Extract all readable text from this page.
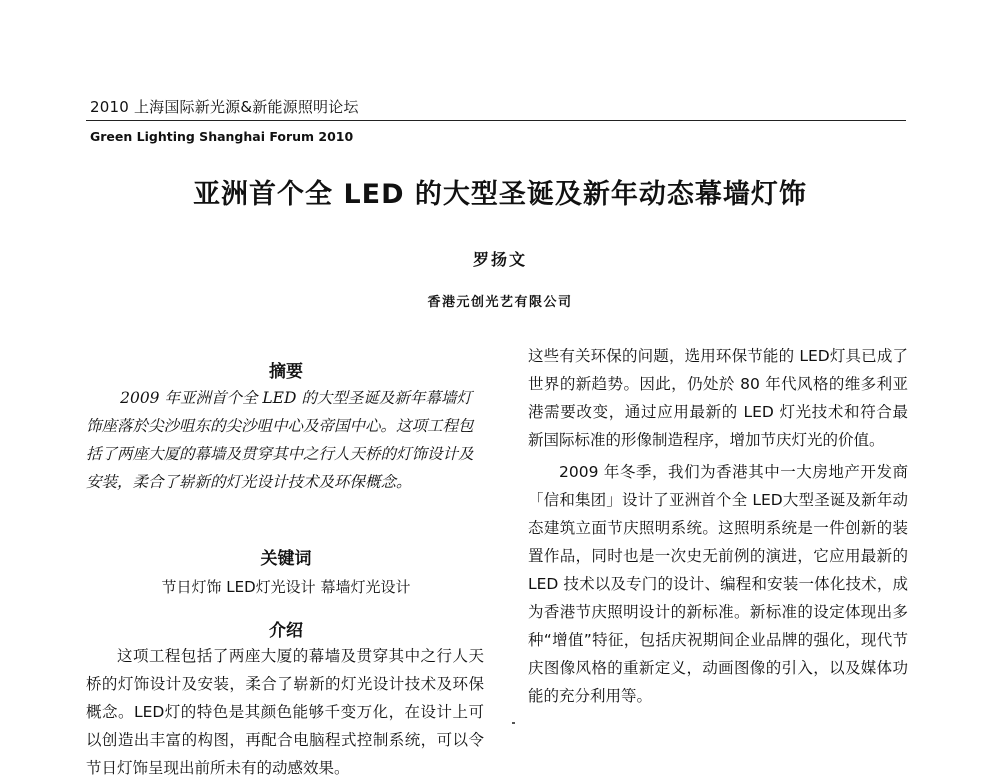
2010 上海国际新光源&新能源照明论坛
Green Lighting Shanghai Forum 2010
亚洲首个全 LED 的大型圣诞及新年动态幕墙灯饰
罗扬文
香港元创光艺有限公司
摘要

2009 年亚洲首个全 LED 的大型圣诞及新年幕墙灯饰座落於尖沙咀东的尖沙咀中心及帝国中心。这项工程包括了两座大厦的幕墙及贯穿其中之行人天桥的灯饰设计及安装，柔合了崭新的灯光设计技术及环保概念。

关键词
节日灯饰 LED灯光设计 幕墙灯光设计
介绍

这项工程包括了两座大厦的幕墙及贯穿其中之行人天桥的灯饰设计及安装，柔合了崭新的灯光设计技术及环保概念。LED灯的特色是其颜色能够千变万化，在设计上可以创造出丰富的构图，再配合电脑程式控制系统，可以令节日灯饰呈现出前所未有的动感效果。

这些有关环保的问题，选用环保节能的 LED灯具已成了世界的新趋势。因此，仍处於 80 年代风格的维多利亚港需要改变，通过应用最新的 LED 灯光技术和符合最新国际标准的形像制造程序，增加节庆灯光的价值。

2009 年冬季，我们为香港其中一大房地产开发商「信和集团」设计了亚洲首个全 LED大型圣诞及新年动态建筑立面节庆照明系统。这照明系统是一件创新的装置作品，同时也是一次史无前例的演进，它应用最新的 LED 技术以及专门的设计、编程和安装一体化技术，成为香港节庆照明设计的新标准。新标准的设定体现出多种“增值”特征，包括庆祝期间企业品牌的强化，现代节庆图像风格的重新定义，动画图像的引入，以及媒体功能的充分利用等。
